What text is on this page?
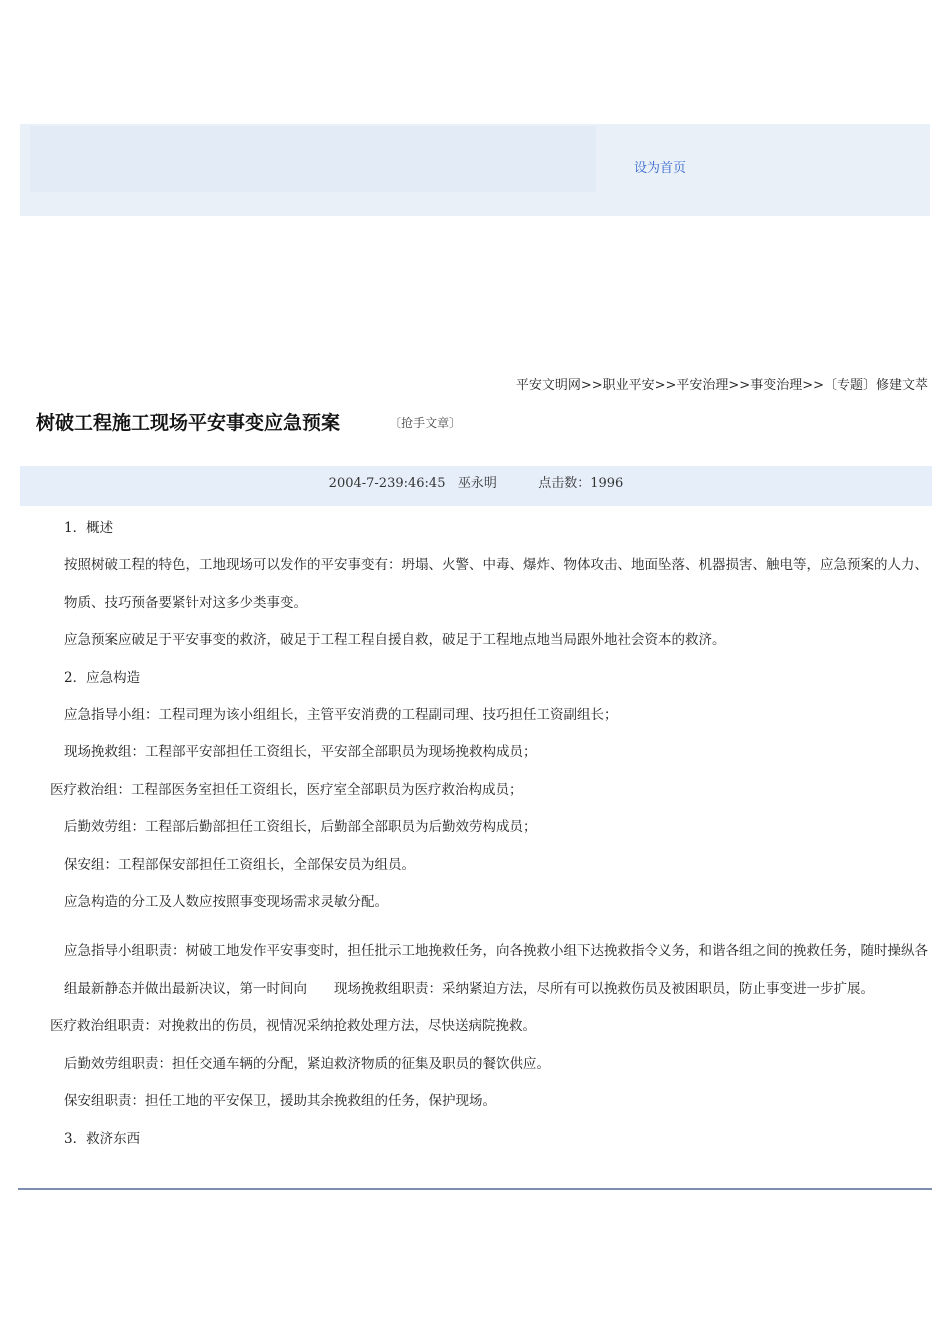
设为首页
平安文明网>>职业平安>>平安治理>>事变治理>>〔专题〕修建文萃
树破工程施工现场平安事变应急预案	〔抢手文章〕
2004-7-239:46:45 巫永明	点击数：1996

1．概述

按照树破工程的特色，工地现场可以发作的平安事变有：坍塌、火警、中毒、爆炸、物体攻击、地面坠落、机器损害、触电等，应急预案的人力、物质、技巧预备要紧针对这多少类事变。

应急预案应破足于平安事变的救济，破足于工程工程自援自救，破足于工程地点地当局跟外地社会资本的救济。

2．应急构造

应急指导小组：工程司理为该小组组长，主管平安消费的工程副司理、技巧担任工资副组长；

现场挽救组：工程部平安部担任工资组长，平安部全部职员为现场挽救构成员；

医疗救治组：工程部医务室担任工资组长，医疗室全部职员为医疗救治构成员；

后勤效劳组：工程部后勤部担任工资组长，后勤部全部职员为后勤效劳构成员；

保安组：工程部保安部担任工资组长，全部保安员为组员。

应急构造的分工及人数应按照事变现场需求灵敏分配。

应急指导小组职责：树破工地发作平安事变时，担任批示工地挽救任务，向各挽救小组下达挽救指令义务，和谐各组之间的挽救任务，随时操纵各组最新静态并做出最新决议，第一时间向　　现场挽救组职责：采纳紧迫方法，尽所有可以挽救伤员及被困职员，防止事变进一步扩展。

医疗救治组职责：对挽救出的伤员，视情况采纳抢救处理方法，尽快送病院挽救。

后勤效劳组职责：担任交通车辆的分配，紧迫救济物质的征集及职员的餐饮供应。

保安组职责：担任工地的平安保卫，援助其余挽救组的任务，保护现场。

3．救济东西
